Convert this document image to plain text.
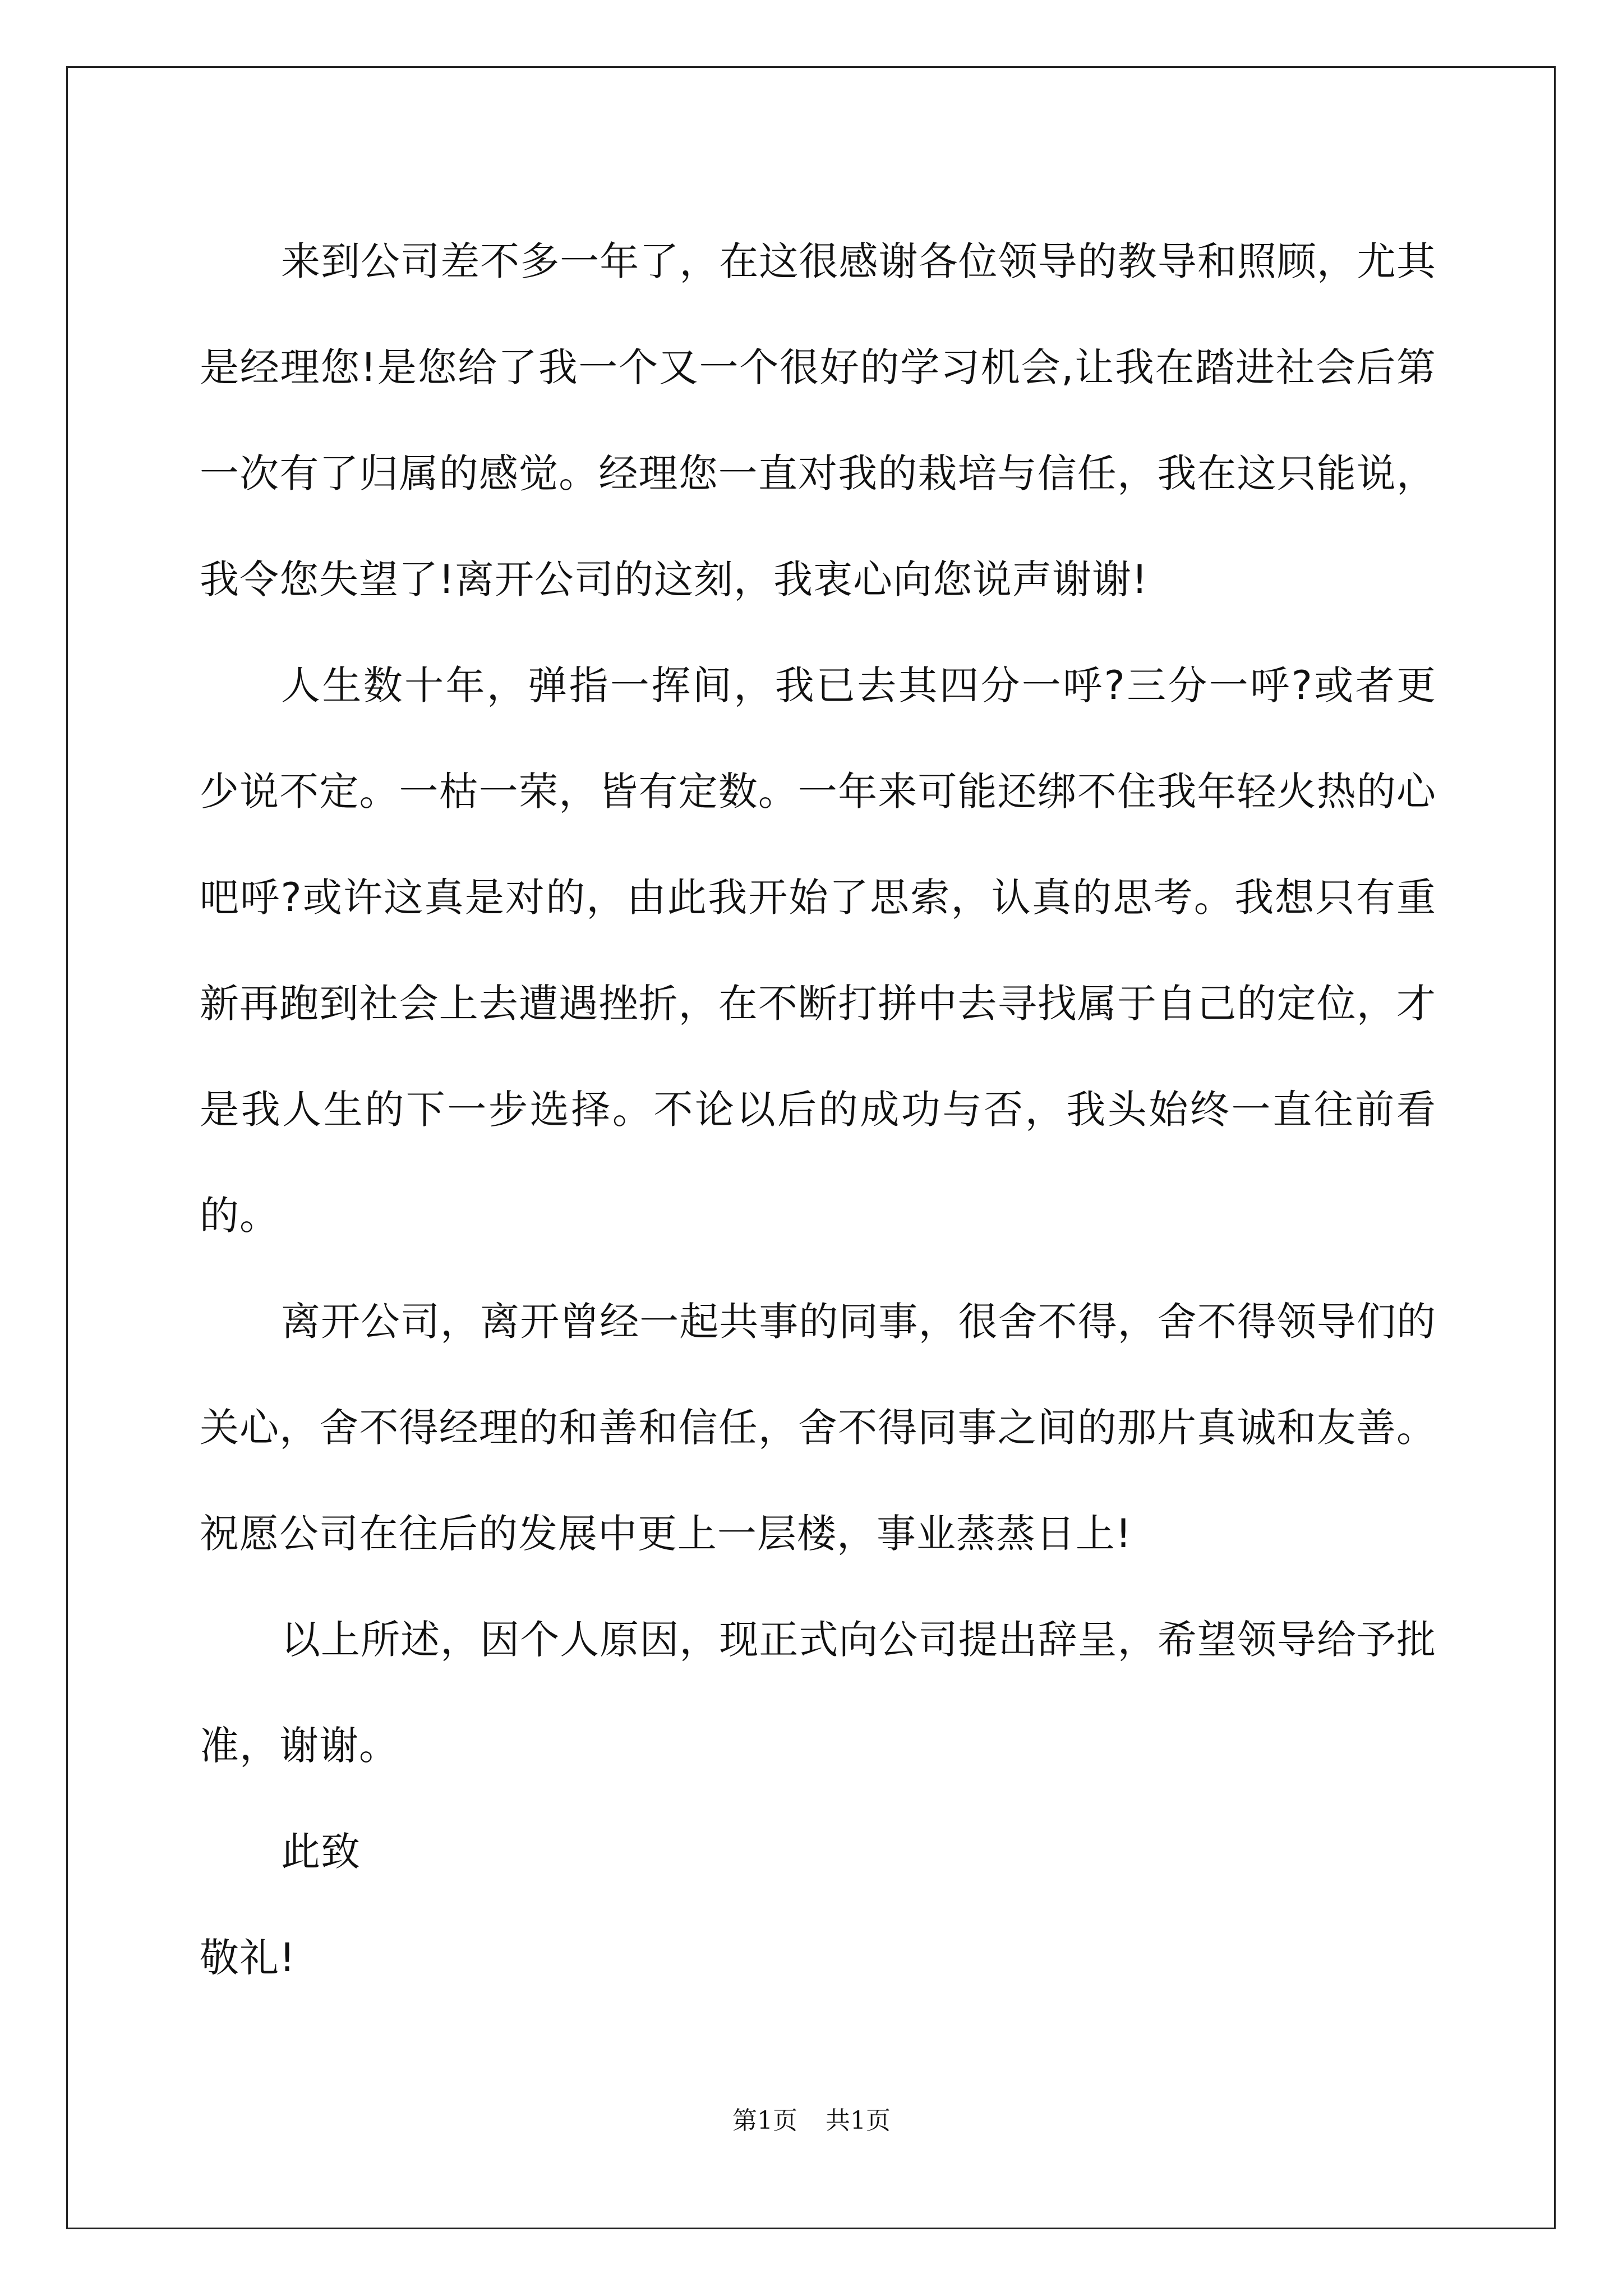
来到公司差不多一年了，在这很感谢各位领导的教导和照顾，尤其是经理您!是您给了我一个又一个很好的学习机会,让我在踏进社会后第一次有了归属的感觉。经理您一直对我的栽培与信任，我在这只能说，我令您失望了!离开公司的这刻，我衷心向您说声谢谢!

人生数十年，弹指一挥间，我已去其四分一呼?三分一呼?或者更少说不定。一枯一荣，皆有定数。一年来可能还绑不住我年轻火热的心吧呼?或许这真是对的，由此我开始了思索，认真的思考。我想只有重新再跑到社会上去遭遇挫折，在不断打拼中去寻找属于自己的定位，才是我人生的下一步选择。不论以后的成功与否，我头始终一直往前看的。

离开公司，离开曾经一起共事的同事，很舍不得，舍不得领导们的关心，舍不得经理的和善和信任，舍不得同事之间的那片真诚和友善。祝愿公司在往后的发展中更上一层楼，事业蒸蒸日上!

以上所述，因个人原因，现正式向公司提出辞呈，希望领导给予批准，谢谢。

此致

敬礼!

第1页 共1页
